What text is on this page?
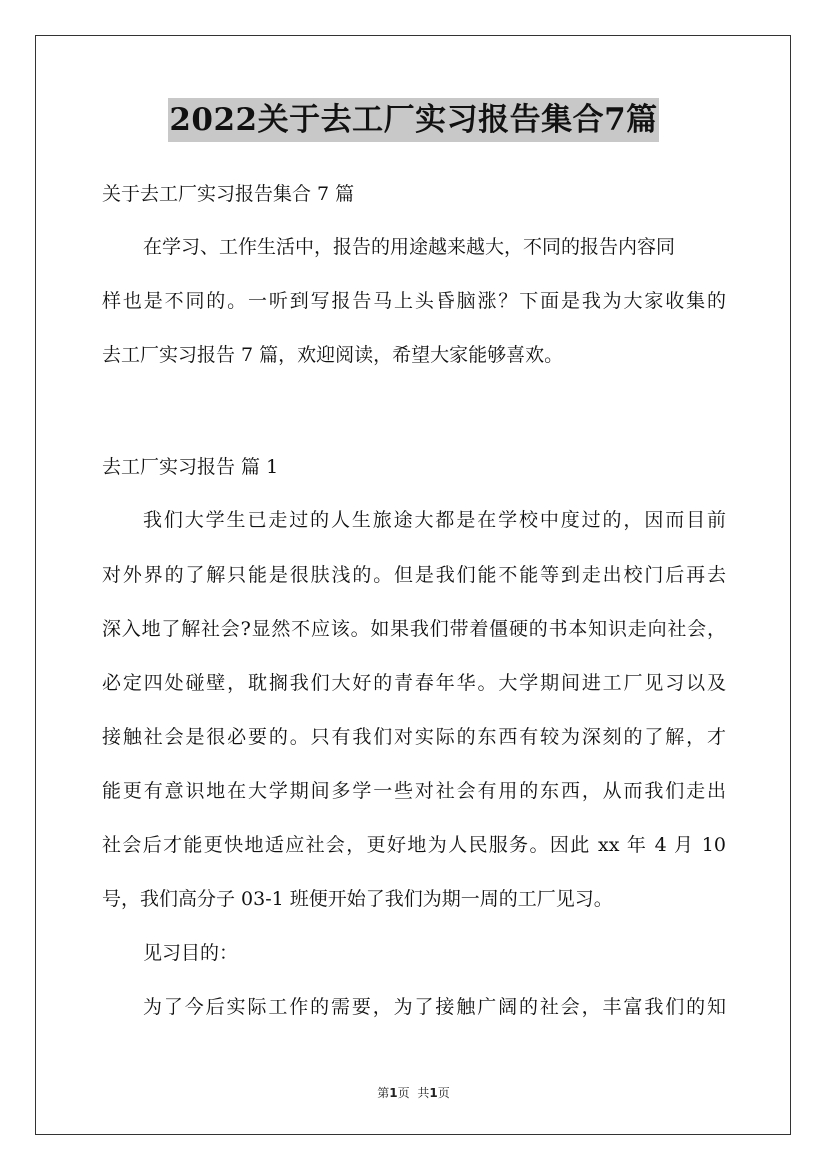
2022关于去工厂实习报告集合7篇

关于去工厂实习报告集合 7 篇

在学习、工作生活中，报告的用途越来越大，不同的报告内容同

样也是不同的。一听到写报告马上头昏脑涨？下面是我为大家收集的

去工厂实习报告 7 篇，欢迎阅读，希望大家能够喜欢。

去工厂实习报告 篇 1

我们大学生已走过的人生旅途大都是在学校中度过的，因而目前

对外界的了解只能是很肤浅的。但是我们能不能等到走出校门后再去

深入地了解社会?显然不应该。如果我们带着僵硬的书本知识走向社会，

必定四处碰壁，耽搁我们大好的青春年华。大学期间进工厂见习以及

接触社会是很必要的。只有我们对实际的东西有较为深刻的了解，才

能更有意识地在大学期间多学一些对社会有用的东西，从而我们走出

社会后才能更快地适应社会，更好地为人民服务。因此 xx 年 4 月 10

号，我们高分子 03-1 班便开始了我们为期一周的工厂见习。

见习目的：

为了今后实际工作的需要，为了接触广阔的社会，丰富我们的知

第1页 共1页
